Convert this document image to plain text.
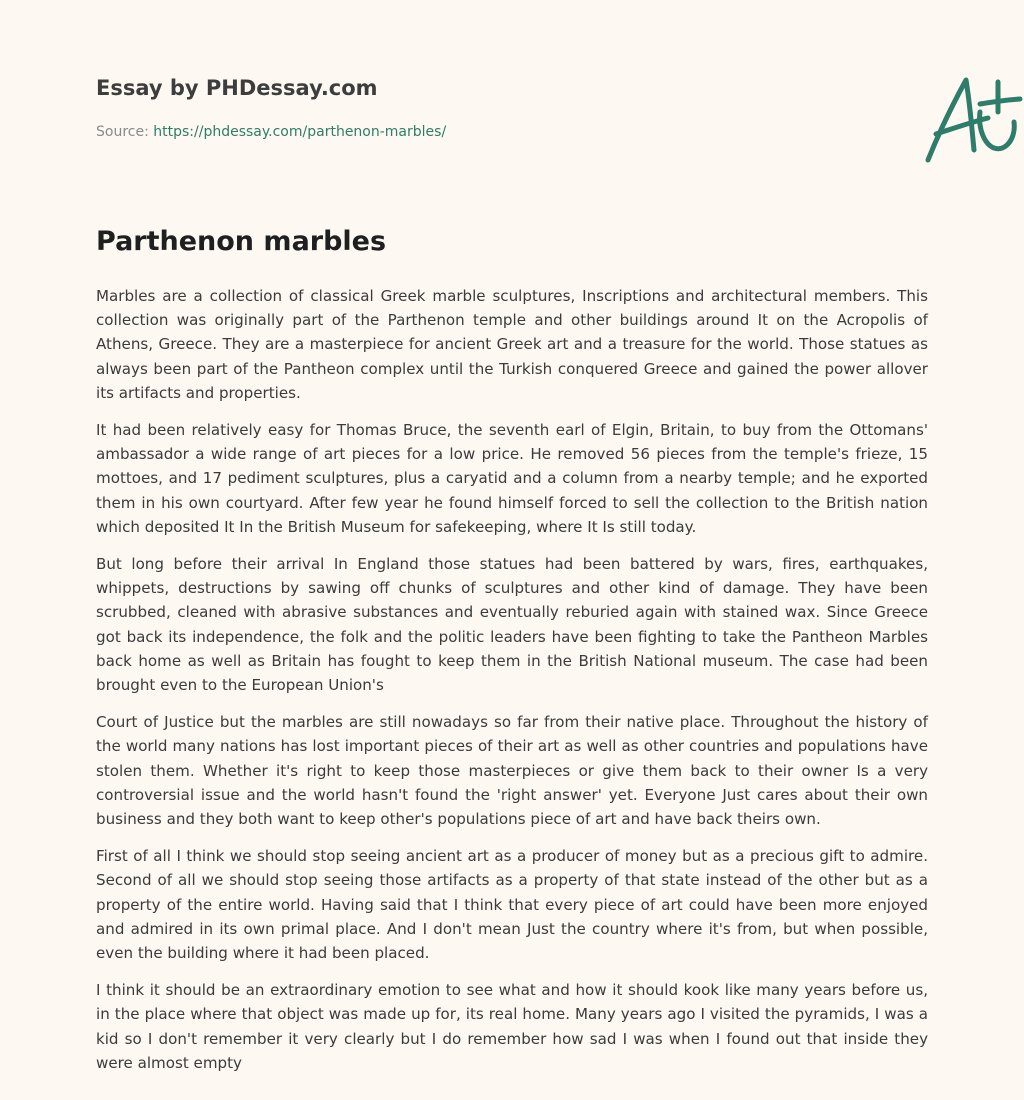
Essay by PHDessay.com
Source: https://phdessay.com/parthenon-marbles/
Parthenon marbles

Marbles are a collection of classical Greek marble sculptures, Inscriptions and architectural members. This collection was originally part of the Parthenon temple and other buildings around It on the Acropolis of Athens, Greece. They are a masterpiece for ancient Greek art and a treasure for the world. Those statues as always been part of the Pantheon complex until the Turkish conquered Greece and gained the power allover its artifacts and properties.

It had been relatively easy for Thomas Bruce, the seventh earl of Elgin, Britain, to buy from the Ottomans' ambassador a wide range of art pieces for a low price. He removed 56 pieces from the temple's frieze, 15 mottoes, and 17 pediment sculptures, plus a caryatid and a column from a nearby temple; and he exported them in his own courtyard. After few year he found himself forced to sell the collection to the British nation which deposited It In the British Museum for safekeeping, where It Is still today.

But long before their arrival In England those statues had been battered by wars, fires, earthquakes, whippets, destructions by sawing off chunks of sculptures and other kind of damage. They have been scrubbed, cleaned with abrasive substances and eventually reburied again with stained wax. Since Greece got back its independence, the folk and the politic leaders have been fighting to take the Pantheon Marbles back home as well as Britain has fought to keep them in the British National museum. The case had been brought even to the European Union's

Court of Justice but the marbles are still nowadays so far from their native place. Throughout the history of the world many nations has lost important pieces of their art as well as other countries and populations have stolen them. Whether it's right to keep those masterpieces or give them back to their owner Is a very controversial issue and the world hasn't found the 'right answer' yet. Everyone Just cares about their own business and they both want to keep other's populations piece of art and have back theirs own.

First of all I think we should stop seeing ancient art as a producer of money but as a precious gift to admire. Second of all we should stop seeing those artifacts as a property of that state instead of the other but as a property of the entire world. Having said that I think that every piece of art could have been more enjoyed and admired in its own primal place. And I don't mean Just the country where it's from, but when possible, even the building where it had been placed.

I think it should be an extraordinary emotion to see what and how it should kook like many years before us, in the place where that object was made up for, its real home. Many years ago I visited the pyramids, I was a kid so I don't remember it very clearly but I do remember how sad I was when I found out that inside they were almost empty
